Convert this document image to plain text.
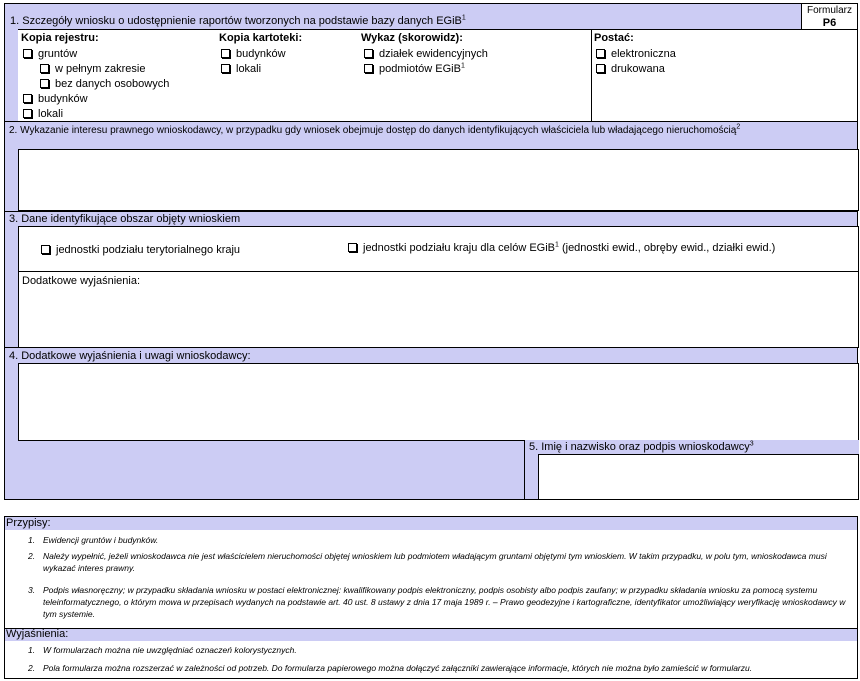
1. Szczegóły wniosku o udostępnienie raportów tworzonych na podstawie bazy danych EGiB$^1$
Formularz
P6
Kopia rejestru:
gruntów
w pełnym zakresie
bez danych osobowych
budynków
lokali
Kopia kartoteki:
budynków
lokali
Wykaz (skorowidz):
działek ewidencyjnych
podmiotów EGiB$^1$
Postać:
elektroniczna
drukowana
2. Wykazanie interesu prawnego wnioskodawcy, w przypadku gdy wniosek obejmuje dostęp do danych identyfikujących właściciela lub władającego nieruchomością$^2$
3. Dane identyfikujące obszar objęty wnioskiem
jednostki podziału terytorialnego kraju	jednostki podziału kraju dla celów EGiB$^1$ (jednostki ewid., obręby ewid., działki ewid.)
Dodatkowe wyjaśnienia:
4. Dodatkowe wyjaśnienia i uwagi wnioskodawcy:
5. Imię i nazwisko oraz podpis wnioskodawcy$^3$
Przypisy:
1. Ewidencji gruntów i budynków.
2. Należy wypełnić, jeżeli wnioskodawca nie jest właścicielem nieruchomości objętej wnioskiem lub podmiotem władającym gruntami objętymi tym wnioskiem. W takim przypadku, w polu tym, wnioskodawca musi wykazać interes prawny.
3. Podpis własnoręczny; w przypadku składania wniosku w postaci elektronicznej: kwalifikowany podpis elektroniczny, podpis osobisty albo podpis zaufany; w przypadku składania wniosku za pomocą systemu teleinformatycznego, o którym mowa w przepisach wydanych na podstawie art. 40 ust. 8 ustawy z dnia 17 maja 1989 r. – Prawo geodezyjne i kartograficzne, identyfikator umożliwiający weryfikację wnioskodawcy w tym systemie.
Wyjaśnienia:
1. W formularzach można nie uwzględniać oznaczeń kolorystycznych.
2. Pola formularza można rozszerzać w zależności od potrzeb. Do formularza papierowego można dołączyć załączniki zawierające informacje, których nie można było zamieścić w formularzu.
